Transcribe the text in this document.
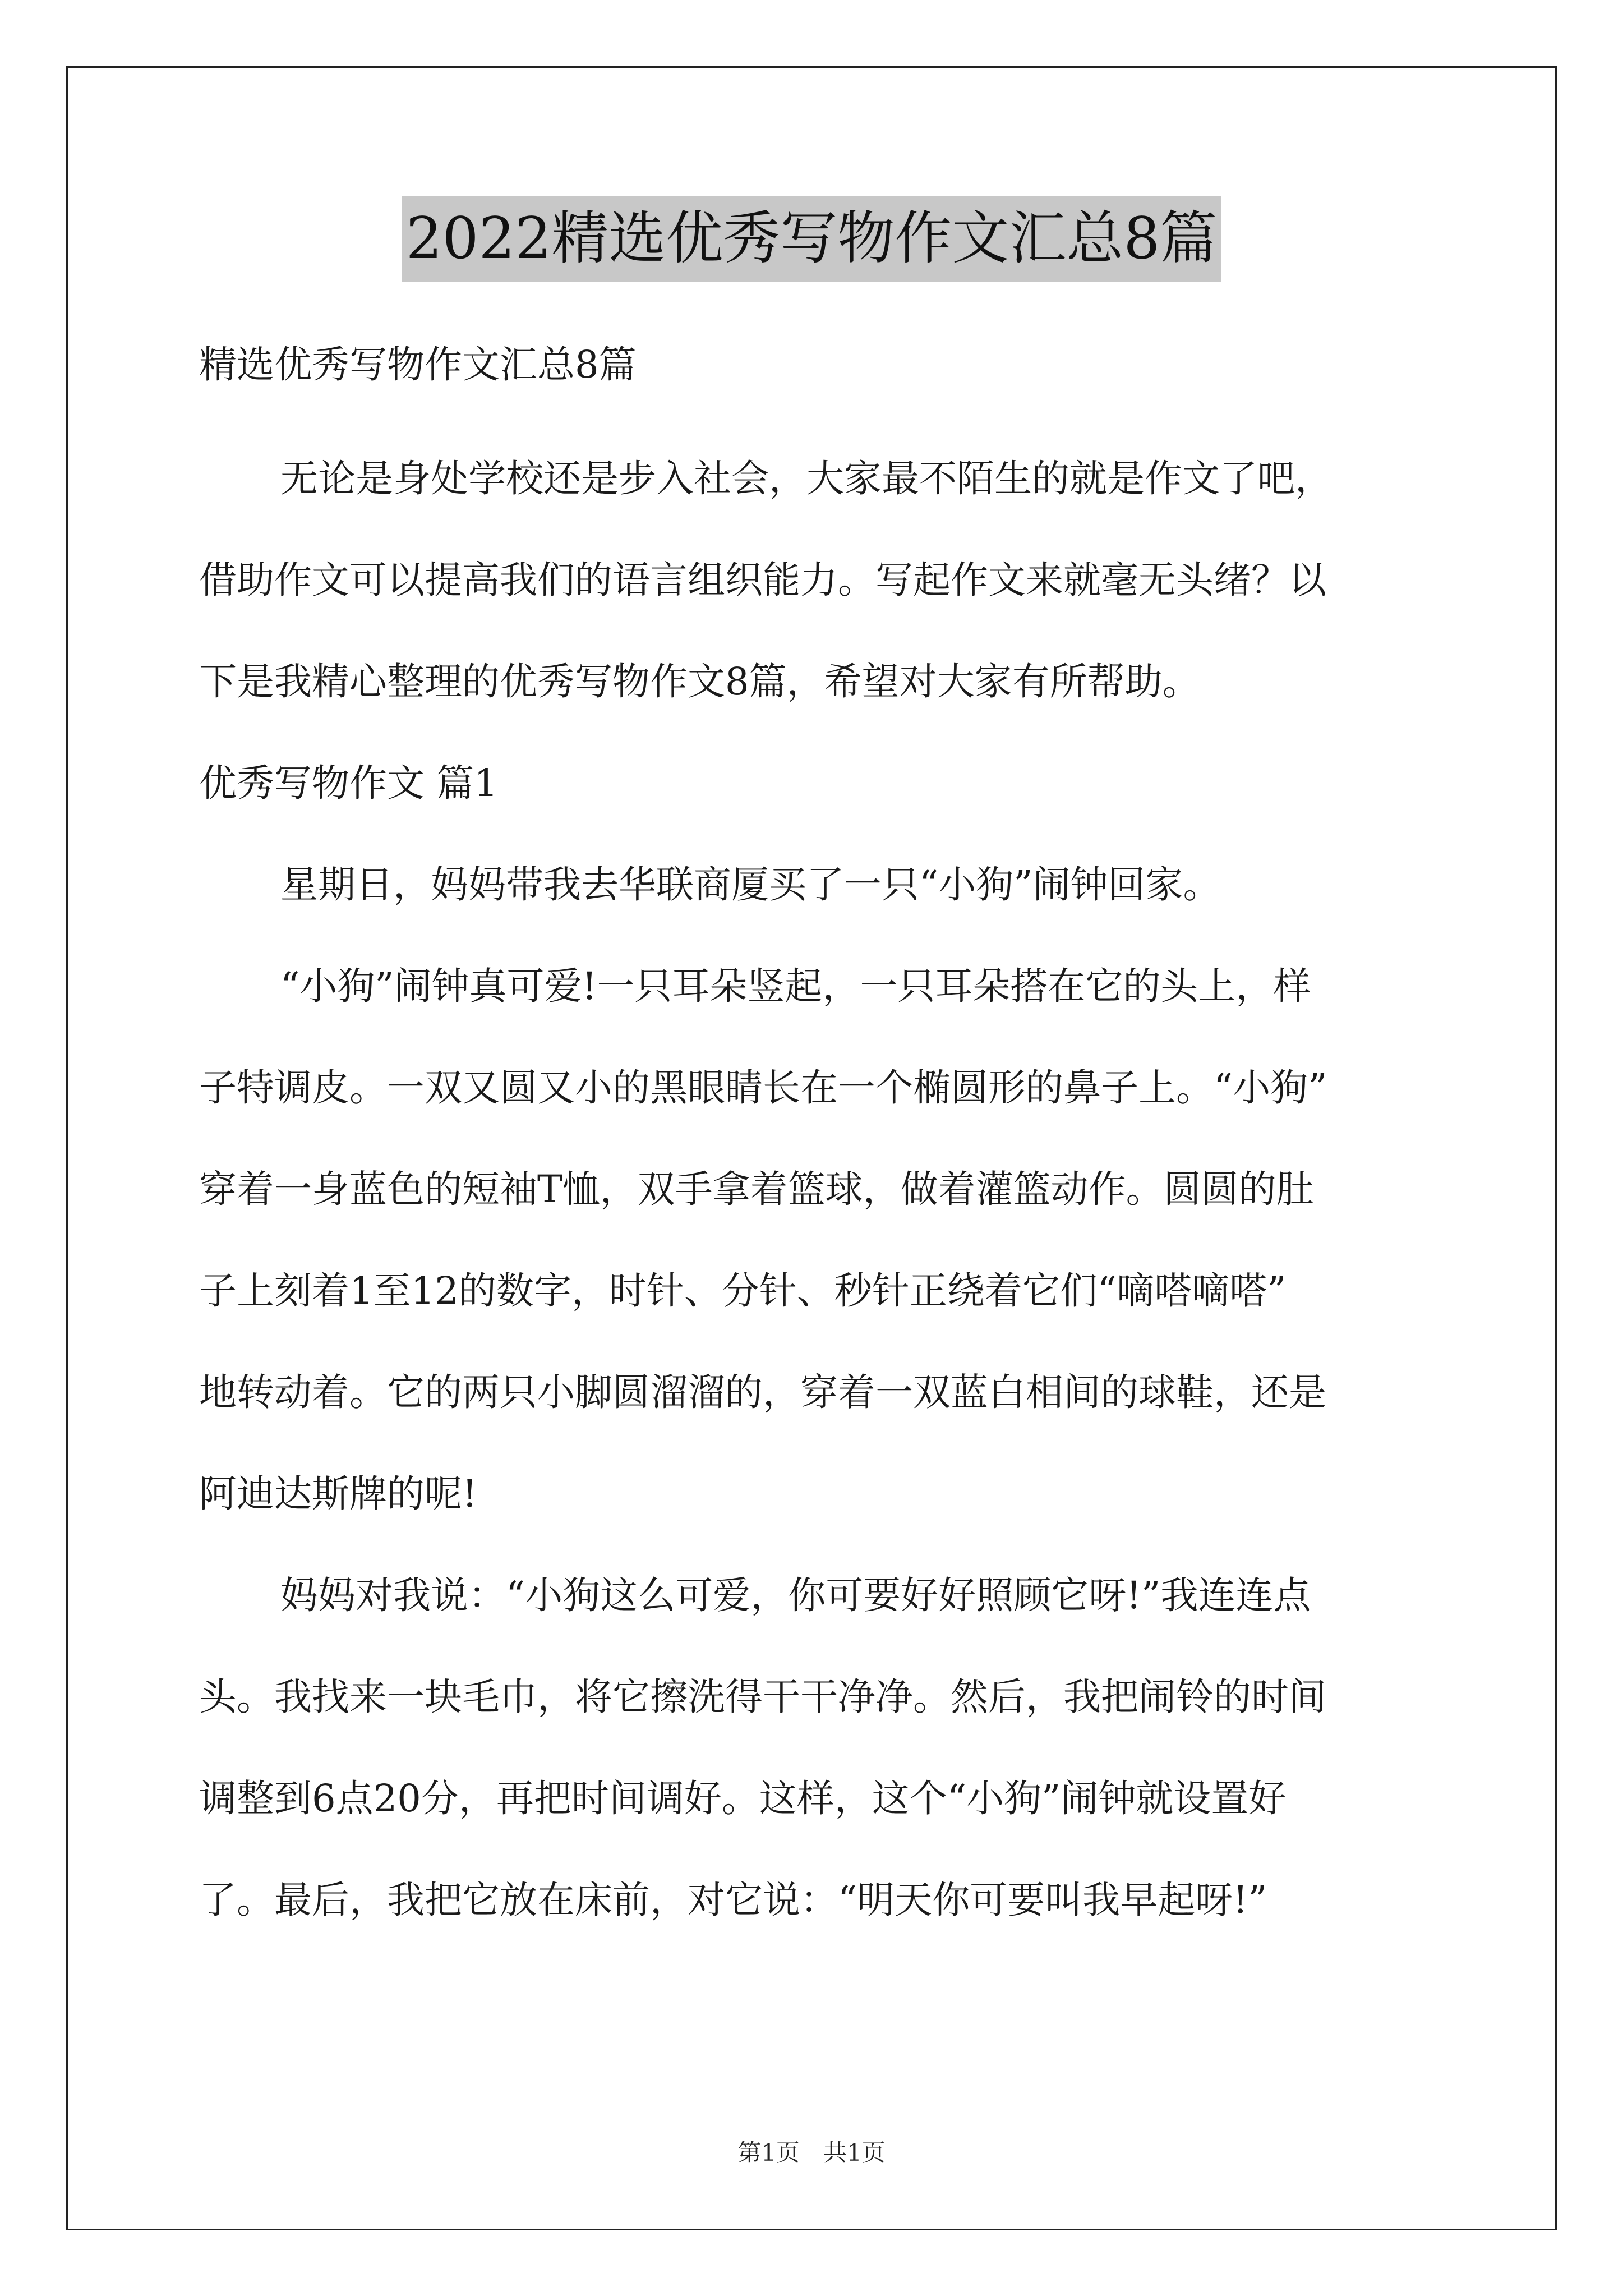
2022精选优秀写物作文汇总8篇
精选优秀写物作文汇总8篇
无论是身处学校还是步入社会，大家最不陌生的就是作文了吧，
借助作文可以提高我们的语言组织能力。写起作文来就毫无头绪？以
下是我精心整理的优秀写物作文8篇，希望对大家有所帮助。
优秀写物作文 篇1
星期日，妈妈带我去华联商厦买了一只“小狗”闹钟回家。
“小狗”闹钟真可爱!一只耳朵竖起，一只耳朵搭在它的头上，样
子特调皮。一双又圆又小的黑眼睛长在一个椭圆形的鼻子上。“小狗”
穿着一身蓝色的短袖T恤，双手拿着篮球，做着灌篮动作。圆圆的肚
子上刻着1至12的数字，时针、分针、秒针正绕着它们“嘀嗒嘀嗒”
地转动着。它的两只小脚圆溜溜的，穿着一双蓝白相间的球鞋，还是
阿迪达斯牌的呢!
妈妈对我说：“小狗这么可爱，你可要好好照顾它呀!”我连连点
头。我找来一块毛巾，将它擦洗得干干净净。然后，我把闹铃的时间
调整到6点20分，再把时间调好。这样，这个“小狗”闹钟就设置好
了。最后，我把它放在床前，对它说：“明天你可要叫我早起呀!”
第1页　共1页
